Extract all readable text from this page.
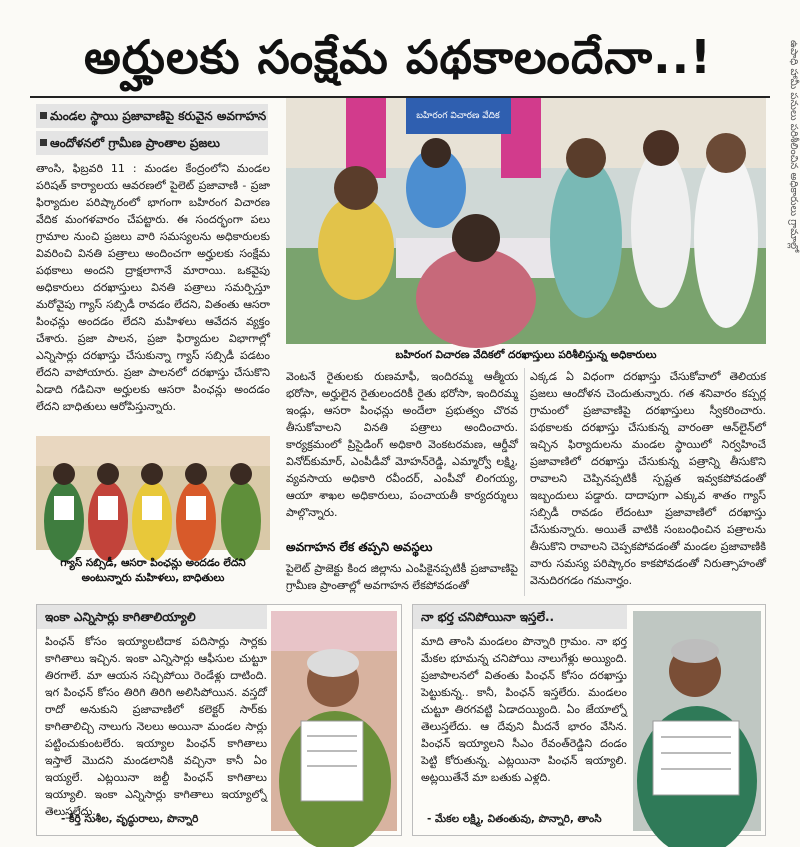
అర్హులకు సంక్షేమ పథకాలందేనా..!
మండల స్థాయి ప్రజావాణిపై కరువైన అవగాహన
ఆందోళనలో గ్రామీణ ప్రాంతాల ప్రజలు
తాంసి, ఫిబ్రవరి 11 : మండల కేంద్రంలోని మండల పరిషత్ కార్యాలయ ఆవరణలో పైలెట్ ప్రజావాణి - ప్రజా ఫిర్యాదుల పరిష్కారంలో భాగంగా బహిరంగ విచారణ వేదిక మంగళవారం చేపట్టారు. ఈ సందర్భంగా పలు గ్రామాల నుంచి ప్రజలు వారి సమస్యలను అధికారులకు వివరించి వినతి పత్రాలు అందించగా అర్హులకు సంక్షేమ పథకాలు అందని ద్రాక్షలాగానే మారాయి. ఒకవైపు అధికారులు దరఖాస్తులు వినతి పత్రాలు సమర్పిస్తూ మరోవైపు గ్యాస్ సబ్సిడీ రావడం లేదని, వితంతు ఆసరా పింఛన్లు అందడం లేదని మహిళలు ఆవేదన వ్యక్తం చేశారు. ప్రజా పాలన, ప్రజా ఫిర్యాదుల విభాగాల్లో ఎన్నిసార్లు దరఖాస్తు చేసుకున్నా గ్యాస్ సబ్సిడీ పడటం లేదని వాపోయారు. ప్రజా పాలనలో దరఖాస్తు చేసుకొని ఏడాది గడిచినా అర్హులకు ఆసరా పింఛన్లు అందడం లేదని బాధితులు ఆరోపిస్తున్నారు.
బహిరంగ విచారణ వేదిక
బహిరంగ విచారణ వేదికలో దరఖాస్తులు పరిశీలిస్తున్న అధికారులు
వెంటనే రైతులకు రుణమాఫీ, ఇందిరమ్మ ఆత్మీయ భరోసా, అర్హులైన రైతులందరికీ రైతు భరోసా, ఇందిరమ్మ ఇండ్లు, ఆసరా పింఛన్లు అందేలా ప్రభుత్వం చొరవ తీసుకోవాలని వినతి పత్రాలు అందించారు. కార్యక్రమంలో ప్రిసైడింగ్ అధికారి వెంకటరమణ, ఆర్డీవో వినోద్‌కుమార్, ఎంపీడీవో మోహన్‌రెడ్డి, ఎమ్మార్వో లక్ష్మి, వ్యవసాయ అధికారి రవీందర్, ఎంపీవో లింగయ్య, ఆయా శాఖల అధికారులు, పంచాయతీ కార్యదర్శులు పాల్గొన్నారు.
అవగాహన లేక తప్పని అవస్థలు
పైలెట్ ప్రాజెక్టు కింద జిల్లాను ఎంపికైనప్పటికీ ప్రజావాణిపై గ్రామీణ ప్రాంతాల్లో అవగాహన లేకపోవడంతో
ఎక్కడ ఏ విధంగా దరఖాస్తు చేసుకోవాలో తెలియక ప్రజలు ఆందోళన చెందుతున్నారు. గత శనివారం కప్పర్ల గ్రామంలో ప్రజావాణిపై దరఖాస్తులు స్వీకరించారు. పథకాలకు దరఖాస్తు చేసుకున్న వారంతా ఆన్‌లైన్‌లో ఇచ్చిన ఫిర్యాదులను మండల స్థాయిలో నిర్వహించే ప్రజావాణిలో దరఖాస్తు చేసుకున్న పత్రాన్ని తీసుకొని రావాలని చెప్పినప్పటికీ స్పష్టత ఇవ్వకపోవడంతో ఇబ్బందులు పడ్డారు. దాదాపుగా ఎక్కువ శాతం గ్యాస్ సబ్సిడీ రావడం లేదంటూ ప్రజావాణిలో దరఖాస్తు చేసుకున్నారు. అయితే వాటికి సంబంధించిన పత్రాలను తీసుకొని రావాలని చెప్పకపోవడంతో మండల ప్రజావాణికి వారు సమస్య పరిష్కారం కాకపోవడంతో నిరుత్సాహంతో వెనుదిరగడం గమనార్హం.
గ్యాస్ సబ్సిడీ, ఆసరా పింఛన్లు అందడం లేదని అంటున్నారు మహిళలు, బాధితులు
ఇంకా ఎన్నిసార్లు కాగితాలియ్యాలి
పింఛన్ కోసం ఇయ్యాలటిదాక పదిసార్లు సార్లకు కాగితాలు ఇచ్చిన. ఇంకా ఎన్నిసార్లు ఆఫీసుల చుట్టూ తిరగాలే. మా ఆయన సచ్చిపోయి రెండేళ్లు దాటింది. ఇగ పింఛన్ కోసం తిరిగి తిరిగి అలిసిపోయిన. వస్తదో రాదో అనుకుని ప్రజావాణిలో కలెక్టర్ సార్‌కు కాగితాలిచ్చి నాలుగు నెలలు అయినా మండల సార్లు పట్టించుకుంటలేరు. ఇయ్యాల పింఛన్ కాగితాలు ఇస్తాలే మొదని మండలానికి వచ్చినా కానీ ఏం ఇయ్యలే. ఎట్లయినా జల్దీ పింఛన్ కాగితాలు ఇయ్యాలి. ఇంకా ఎన్నిసార్లు కాగితాలు ఇయ్యాల్నో తెలుస్తలేదు.
- కీర్తి సుశీల, వృద్ధురాలు, పొన్నారి
నా భర్త చనిపోయినా ఇస్తలే..
మాది తాంసి మండలం పొన్నారి గ్రామం. నా భర్త మేకల భూమన్న చనిపోయి నాలుగేళ్లు అయ్యింది. ప్రజాపాలనలో వితంతు పింఛన్ కోసం దరఖాస్తు పెట్టుకున్న.. కానీ, పింఛన్ ఇస్తలేరు. మండలం చుట్టూ తిరగవట్టి ఏడాదయ్యింది. ఏం జేయాల్నో తెలుస్తలేదు. ఆ దేవుని మీదనే భారం వేసిన. పింఛన్ ఇయ్యాలని సీఎం రేవంత్‌రెడ్డిని దండం పెట్టి కోరుతున్న. ఎట్లయినా పింఛన్ ఇయ్యాలి. అట్లయితేనే మా బతుకు ఎళ్లది.
- మేకల లక్ష్మి, వితంతువు, పొన్నారి, తాంసి
ఉపాధి హామీ పనులు పరిశీలించిన అధికారులు గ్రామాల్లో
